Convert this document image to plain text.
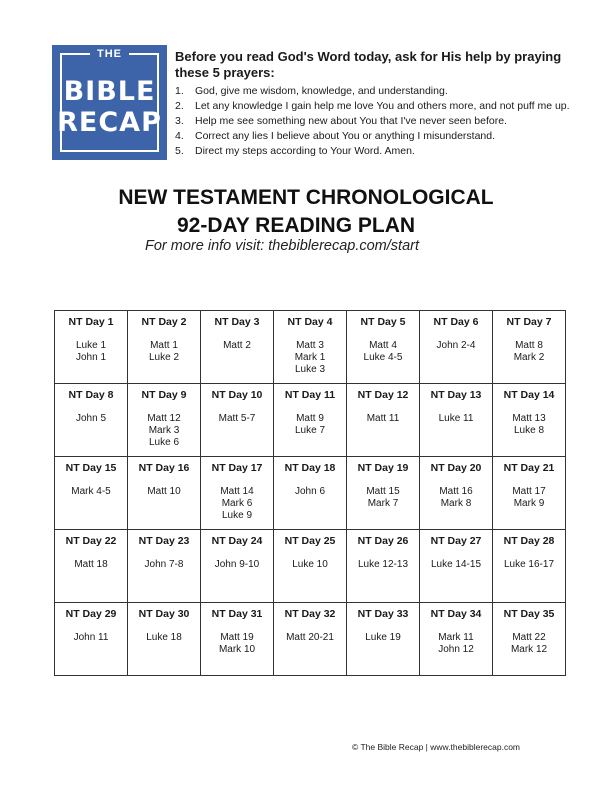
THE
BIBLE
RECAP

Before you read God's Word today, ask for His help by praying these 5 prayers:

1. God, give me wisdom, knowledge, and understanding.
2. Let any knowledge I gain help me love You and others more, and not puff me up.
3. Help me see something new about You that I've never seen before.
4. Correct any lies I believe about You or anything I misunderstand.
5. Direct my steps according to Your Word. Amen.
NEW TESTAMENT CHRONOLOGICAL
92-DAY READING PLAN
For more info visit: thebiblerecap.com/start
NT Day 1
Luke 1
John 1	NT Day 2
Matt 1
Luke 2	NT Day 3
Matt 2	NT Day 4
Matt 3
Mark 1
Luke 3	NT Day 5
Matt 4
Luke 4-5	NT Day 6
John 2-4	NT Day 7
Matt 8
Mark 2

NT Day 8
John 5	NT Day 9
Matt 12
Mark 3
Luke 6	NT Day 10
Matt 5-7	NT Day 11
Matt 9
Luke 7	NT Day 12
Matt 11	NT Day 13
Luke 11	NT Day 14
Matt 13
Luke 8

NT Day 15
Mark 4-5	NT Day 16
Matt 10	NT Day 17
Matt 14
Mark 6
Luke 9	NT Day 18
John 6	NT Day 19
Matt 15
Mark 7	NT Day 20
Matt 16
Mark 8	NT Day 21
Matt 17
Mark 9

NT Day 22
Matt 18	NT Day 23
John 7-8	NT Day 24
John 9-10	NT Day 25
Luke 10	NT Day 26
Luke 12-13	NT Day 27
Luke 14-15	NT Day 28
Luke 16-17

NT Day 29
John 11	NT Day 30
Luke 18	NT Day 31
Matt 19
Mark 10	NT Day 32
Matt 20-21	NT Day 33
Luke 19	NT Day 34
Mark 11
John 12	NT Day 35
Matt 22
Mark 12
© The Bible Recap | www.thebiblerecap.com
